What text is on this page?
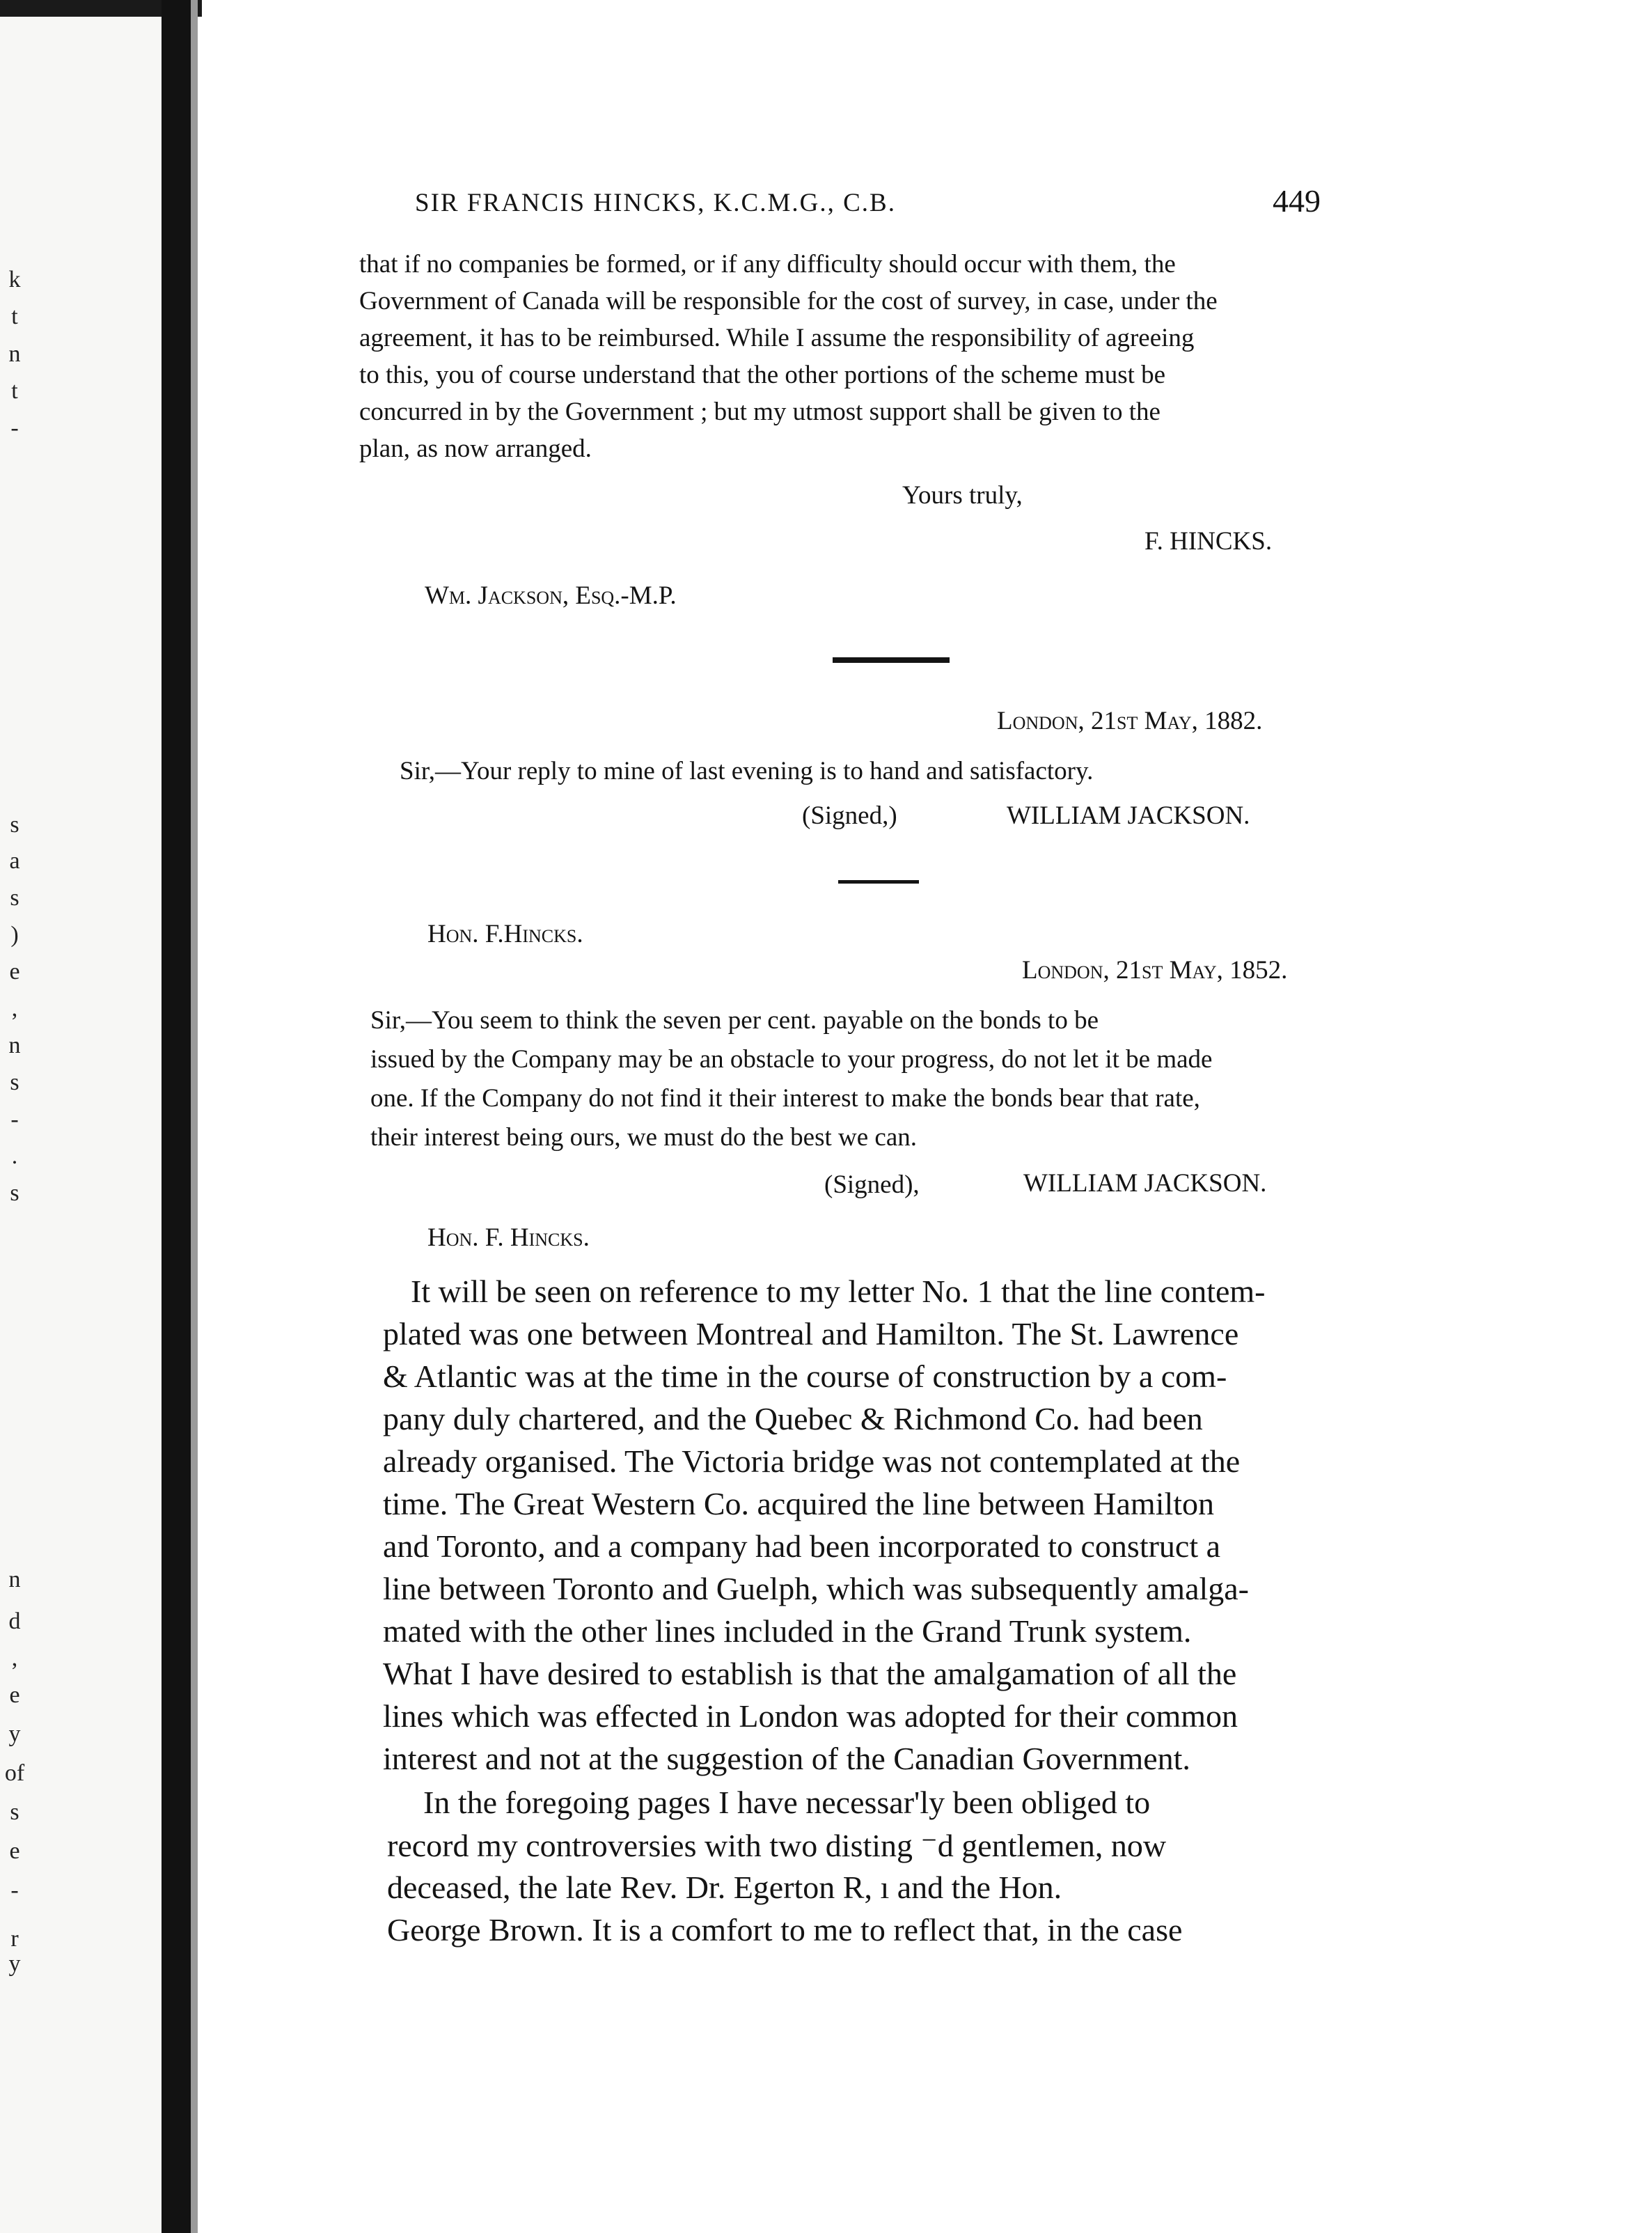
k
t
n
t
-
s
a
s
)
e
,
n
s
-
.
s
n
d
,
e
y
of
s
e
-
r
y
SIR FRANCIS HINCKS, K.C.M.G., C.B.	449
that if no companies be formed, or if any difficulty should occur with them, the
Government of Canada will be responsible for the cost of survey, in case, under the
agreement, it has to be reimbursed. While I assume the responsibility of agreeing
to this, you of course understand that the other portions of the scheme must be
concurred in by the Government ; but my utmost support shall be given to the
plan, as now arranged.
Yours truly,
F. HINCKS.
Wm. Jackson, Esq.-M.P.
London, 21st May, 1882.
Sir,—Your reply to mine of last evening is to hand and satisfactory.
(Signed,)	WILLIAM JACKSON.
Hon. F.Hincks.
London, 21st May, 1852.
Sir,—You seem to think the seven per cent. payable on the bonds to be
issued by the Company may be an obstacle to your progress, do not let it be made
one. If the Company do not find it their interest to make the bonds bear that rate,
their interest being ours, we must do the best we can.
(Signed),	WILLIAM JACKSON.
Hon. F. Hincks.
It will be seen on reference to my letter No. 1 that the line contem-
plated was one between Montreal and Hamilton. The St. Lawrence
& Atlantic was at the time in the course of construction by a com-
pany duly chartered, and the Quebec & Richmond Co. had been
already organised. The Victoria bridge was not contemplated at the
time. The Great Western Co. acquired the line between Hamilton
and Toronto, and a company had been incorporated to construct a
line between Toronto and Guelph, which was subsequently amalga-
mated with the other lines included in the Grand Trunk system.
What I have desired to establish is that the amalgamation of all the
lines which was effected in London was adopted for their common
interest and not at the suggestion of the Canadian Government.
In the foregoing pages I have necessar'ly been obliged to
record my controversies with two disting ⁻d gentlemen, now
deceased, the late Rev. Dr. Egerton R, ı and the Hon.
George Brown. It is a comfort to me to reflect that, in the case
